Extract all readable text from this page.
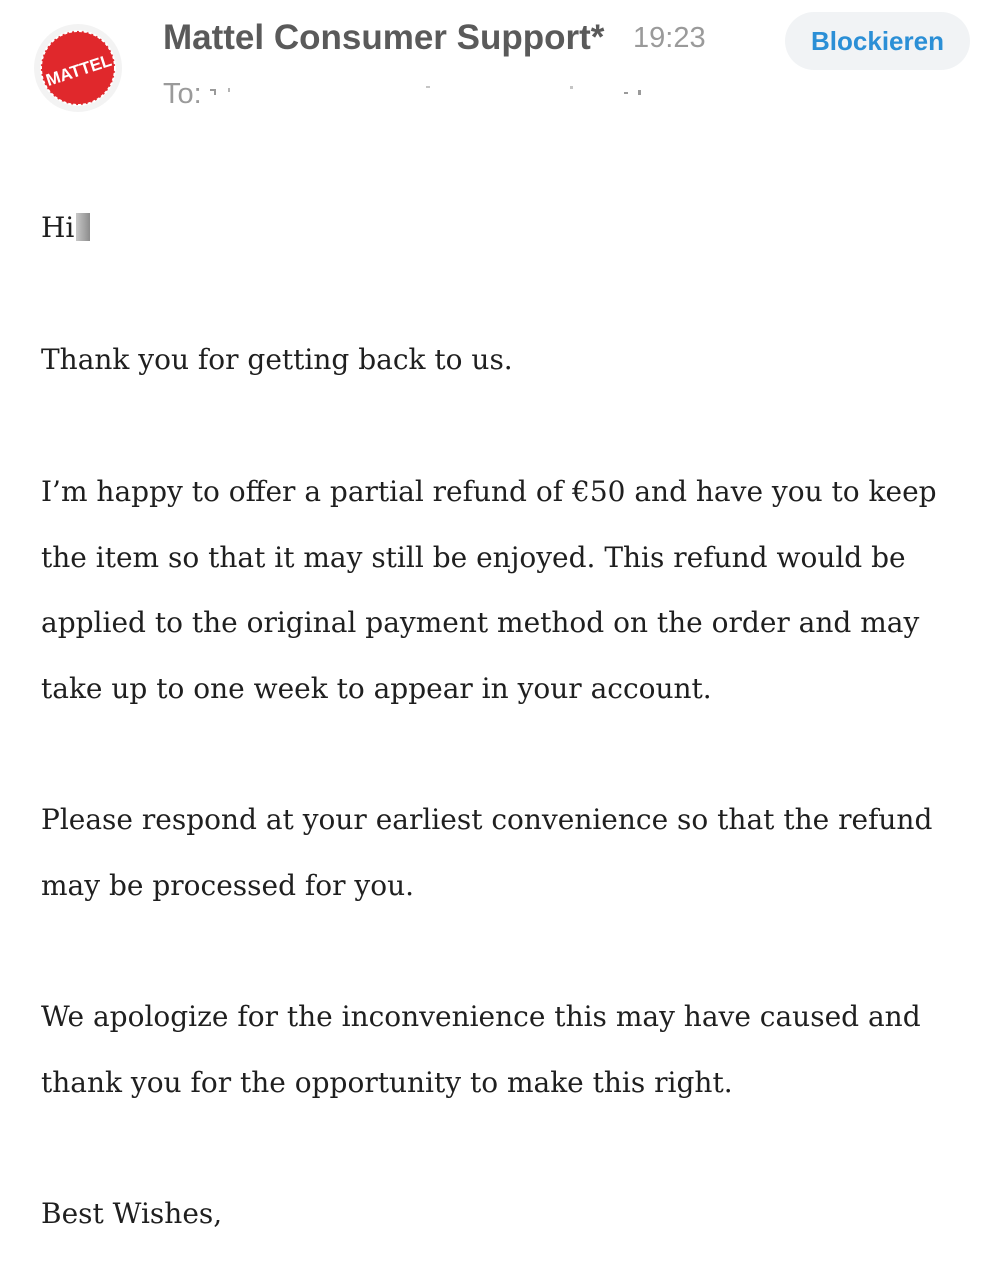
MATTEL
Mattel Consumer Support* 19:23	Blockieren
To:
Hi
Thank you for getting back to us.
I’m happy to offer a partial refund of €50 and have you to keep
the item so that it may still be enjoyed. This refund would be
applied to the original payment method on the order and may
take up to one week to appear in your account.
Please respond at your earliest convenience so that the refund
may be processed for you.
We apologize for the inconvenience this may have caused and
thank you for the opportunity to make this right.
Best Wishes,
